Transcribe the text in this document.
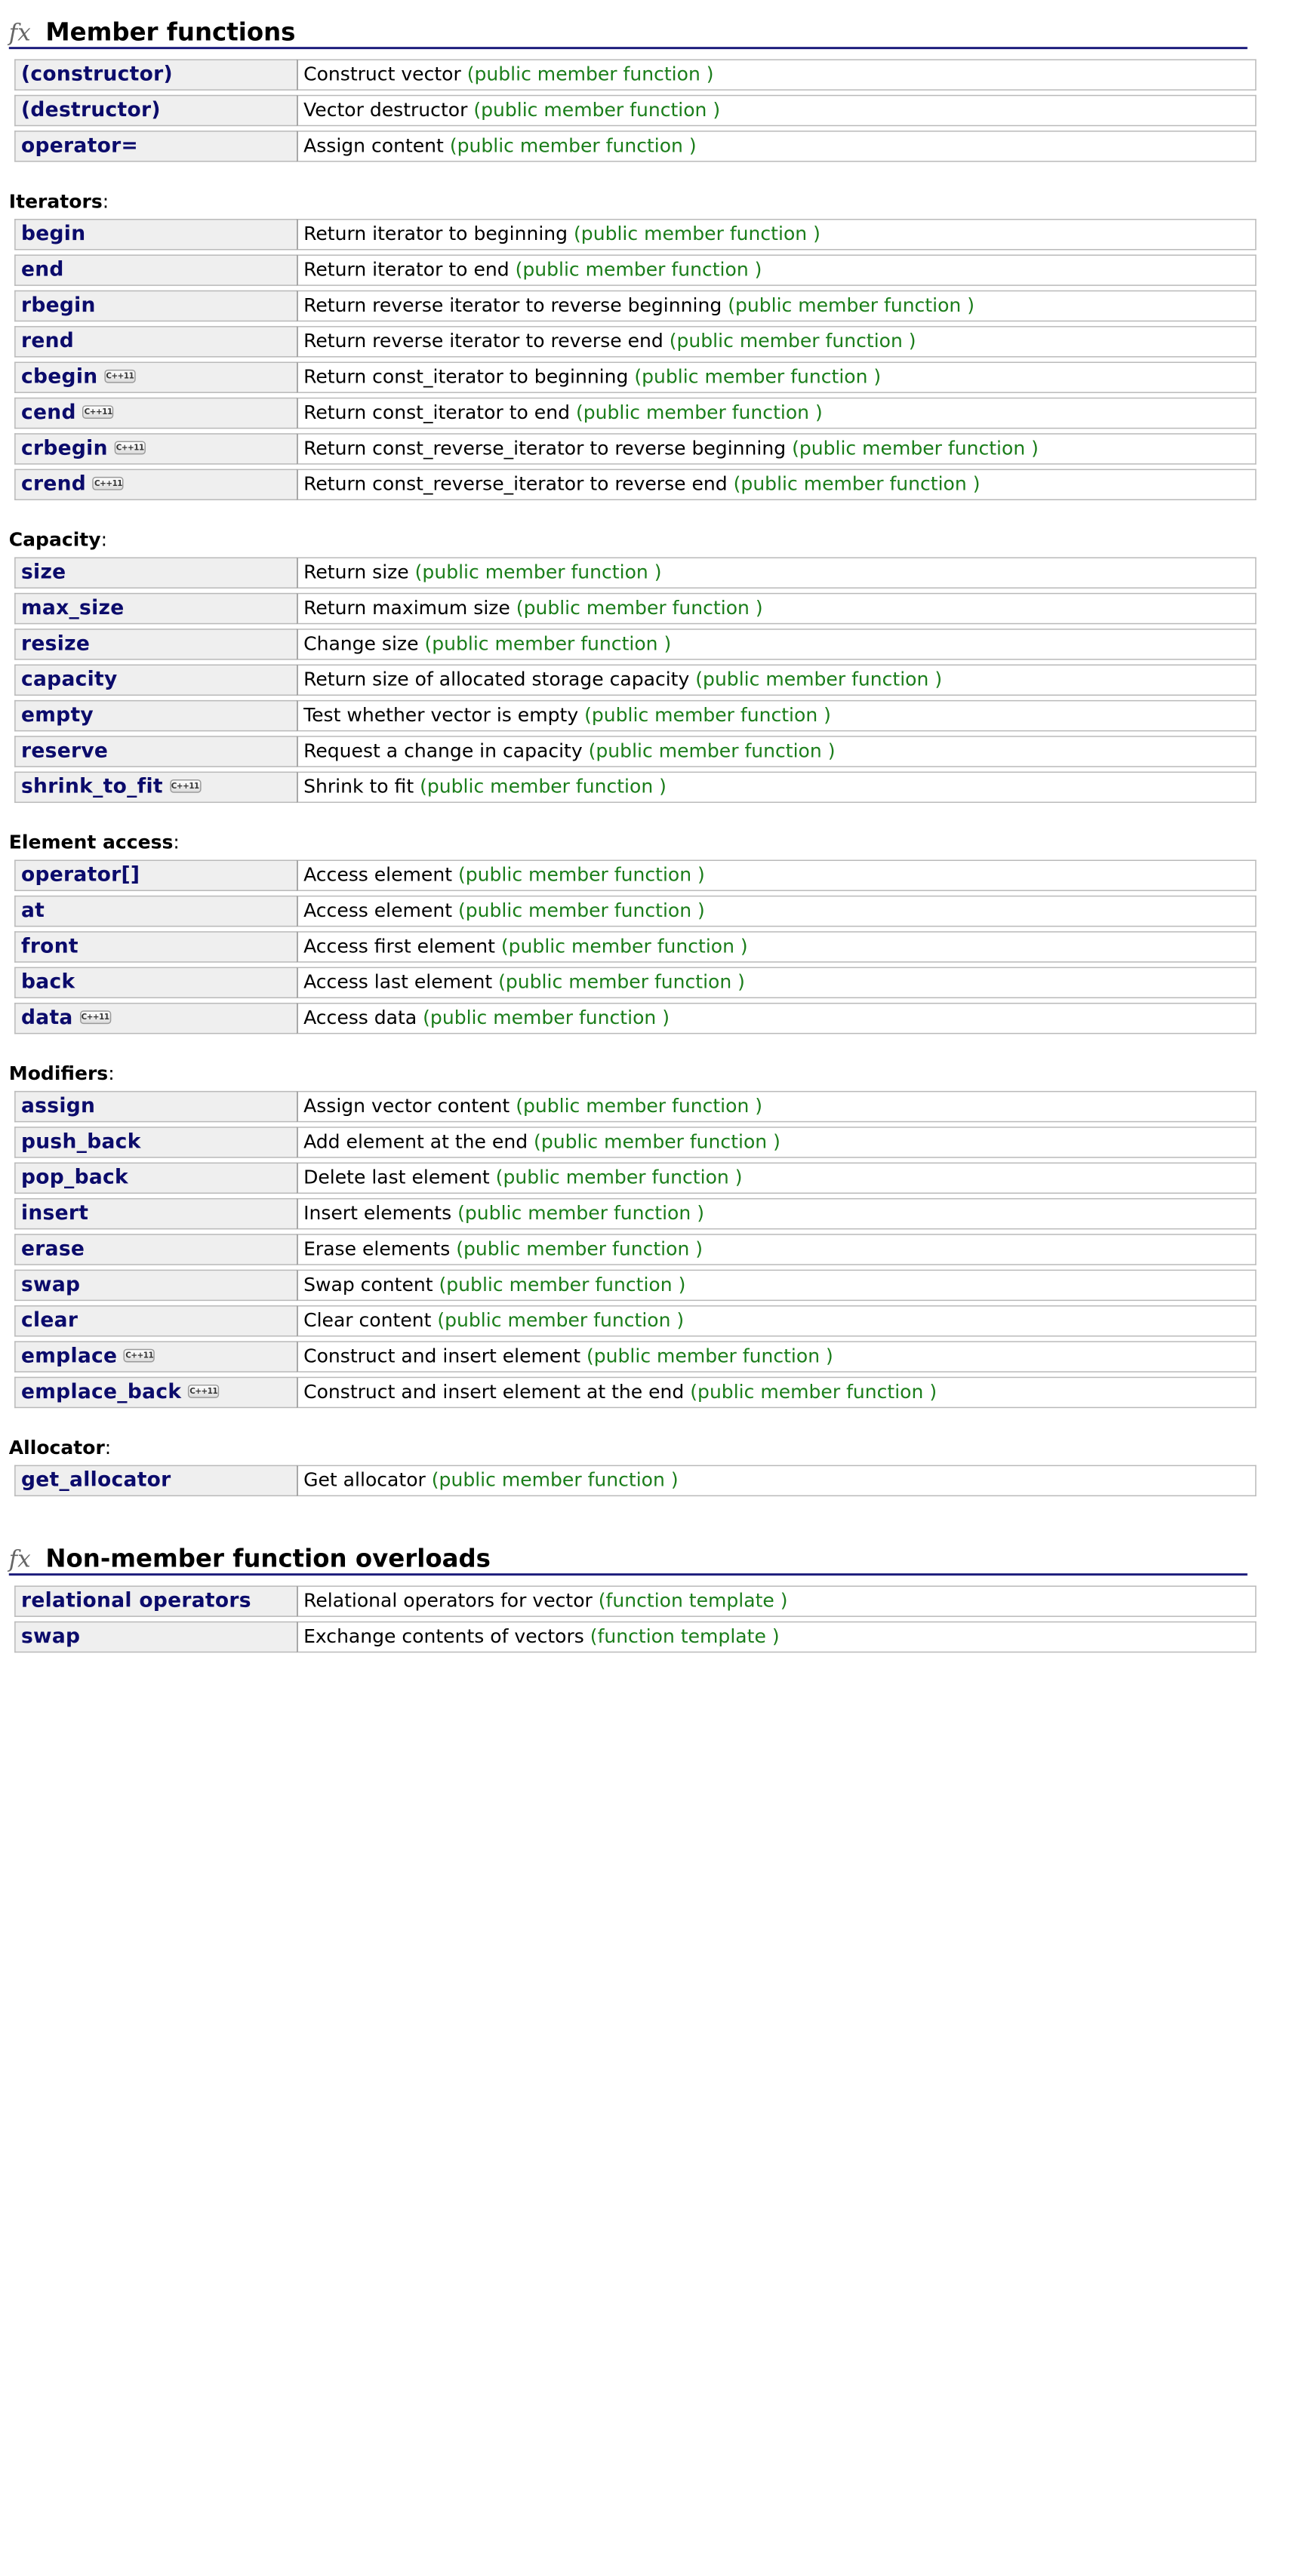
fx Member functions
(constructor)	Construct vector (public member function )
(destructor)	Vector destructor (public member function )
operator=	Assign content (public member function )
Iterators:
begin	Return iterator to beginning (public member function )
end	Return iterator to end (public member function )
rbegin	Return reverse iterator to reverse beginning (public member function )
rend	Return reverse iterator to reverse end (public member function )
cbegin C++11	Return const_iterator to beginning (public member function )
cend C++11	Return const_iterator to end (public member function )
crbegin C++11	Return const_reverse_iterator to reverse beginning (public member function )
crend C++11	Return const_reverse_iterator to reverse end (public member function )
Capacity:
size	Return size (public member function )
max_size	Return maximum size (public member function )
resize	Change size (public member function )
capacity	Return size of allocated storage capacity (public member function )
empty	Test whether vector is empty (public member function )
reserve	Request a change in capacity (public member function )
shrink_to_fit C++11	Shrink to fit (public member function )
Element access:
operator[]	Access element (public member function )
at	Access element (public member function )
front	Access first element (public member function )
back	Access last element (public member function )
data C++11	Access data (public member function )
Modifiers:
assign	Assign vector content (public member function )
push_back	Add element at the end (public member function )
pop_back	Delete last element (public member function )
insert	Insert elements (public member function )
erase	Erase elements (public member function )
swap	Swap content (public member function )
clear	Clear content (public member function )
emplace C++11	Construct and insert element (public member function )
emplace_back C++11	Construct and insert element at the end (public member function )
Allocator:
get_allocator	Get allocator (public member function )
fx Non-member function overloads
relational operators	Relational operators for vector (function template )
swap	Exchange contents of vectors (function template )
